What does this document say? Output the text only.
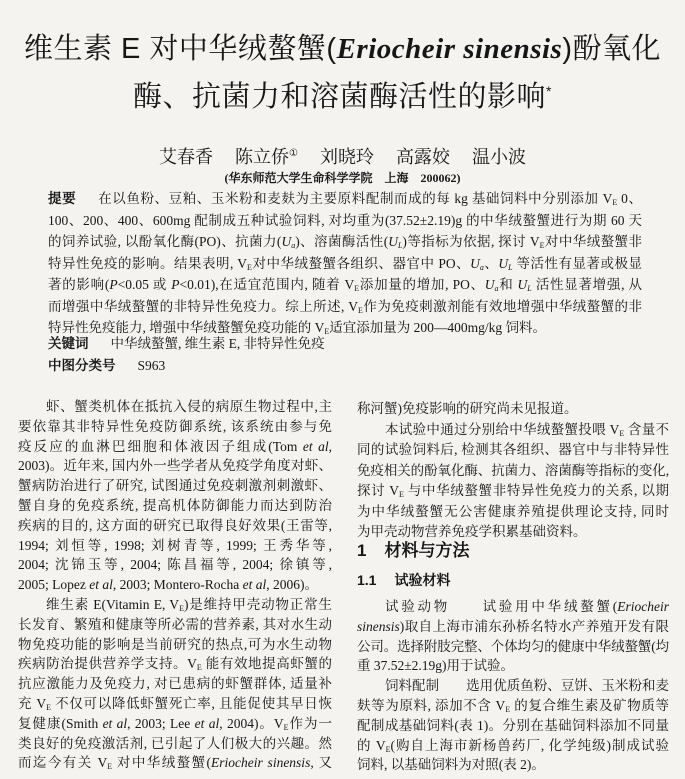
维生素 E 对中华绒螯蟹(Eriocheir sinensis)酚氧化
酶、抗菌力和溶菌酶活性的影响*
艾春香 陈立侨① 刘晓玲 高露姣 温小波
(华东师范大学生命科学学院　上海　200062)
提要 在以鱼粉、豆粕、玉米粉和麦麸为主要原料配制而成的每 kg 基础饲料中分别添加 $V_E$ 0、
100、200、400、600mg 配制成五种试验饲料, 对均重为(37.52±2.19)g 的中华绒螯蟹进行为期 60 天
的饲养试验, 以酚氧化酶(PO)、抗菌力$(U_a)$、溶菌酶活性$(U_L)$等指标为依据, 探讨 $V_E$对中华绒螯蟹非
特异性免疫的影响。结果表明, $V_E$对中华绒螯蟹各组织、器官中 PO、$U_a$、$U_L$ 等活性有显著或极显
著的影响(P<0.05 或 P<0.01),在适宜范围内, 随着 $V_E$添加量的增加, PO、$U_a$和 $U_L$ 活性显著增强, 从
而增强中华绒螯蟹的非特异性免疫力。综上所述, $V_E$作为免疫刺激剂能有效地增强中华绒螯蟹的非
特异性免疫能力, 增强中华绒螯蟹免疫功能的 $V_E$适宜添加量为 200—400mg/kg 饲料。
关键词 中华绒螯蟹, 维生素 E, 非特异性免疫
中图分类号 S963
虾、蟹类机体在抵抗入侵的病原生物过程中,主
要依靠其非特异性免疫防御系统, 该系统由参与免
疫反应的血淋巴细胞和体液因子组成(Tom et al,
2003)。近年来, 国内外一些学者从免疫学角度对虾、
蟹病防治进行了研究, 试图通过免疫刺激剂刺激虾、
蟹自身的免疫系统, 提高机体防御能力而达到防治
疾病的目的, 这方面的研究已取得良好效果(王雷等,
1994; 刘恒等, 1998; 刘树青等, 1999; 王秀华等,
2004; 沈锦玉等, 2004; 陈昌福等, 2004; 徐镇等,
2005; Lopez et al, 2003; Montero-Rocha et al, 2006)。
维生素 E(Vitamin E, $V_E$)是维持甲壳动物正常生
长发育、繁殖和健康等所必需的营养素, 其对水生动
物免疫功能的影响是当前研究的热点,可为水生动物
疾病防治提供营养学支持。$V_E$ 能有效地提高虾蟹的
抗应激能力及免疫力, 对已患病的虾蟹群体, 适量补
充 $V_E$ 不仅可以降低虾蟹死亡率, 且能促使其早日恢
复健康(Smith et al, 2003; Lee et al, 2004)。$V_E$作为一
类良好的免疫激活剂, 已引起了人们极大的兴趣。然
而迄今有关 $V_E$ 对中华绒螯蟹(Eriocheir sinensis, 又
称河蟹)免疫影响的研究尚未见报道。
本试验中通过分别给中华绒螯蟹投喂 $V_E$ 含量不
同的试验饲料后, 检测其各组织、器官中与非特异性
免疫相关的酚氧化酶、抗菌力、溶菌酶等指标的变化,
探讨 $V_E$ 与中华绒螯蟹非特异性免疫力的关系, 以期
为中华绒螯蟹无公害健康养殖提供理论支持, 同时
为甲壳动物营养免疫学积累基础资料。
试验动物　　试验用中华绒螯蟹(Eriocheir
sinensis)取自上海市浦东孙桥名特水产养殖开发有限
公司。选择附肢完整、个体均匀的健康中华绒螯蟹(均
重 37.52±2.19g)用于试验。
饲料配制　　选用优质鱼粉、豆饼、玉米粉和麦
麸等为原料, 添加不含 $V_E$ 的复合维生素及矿物质等
配制成基础饲料(表 1)。分别在基础饲料添加不同量
的 $V_E$(购自上海市新杨兽药厂, 化学纯级)制成试验
饲料, 以基础饲料为对照(表 2)。
1 材料与方法
1.1 试验材料
